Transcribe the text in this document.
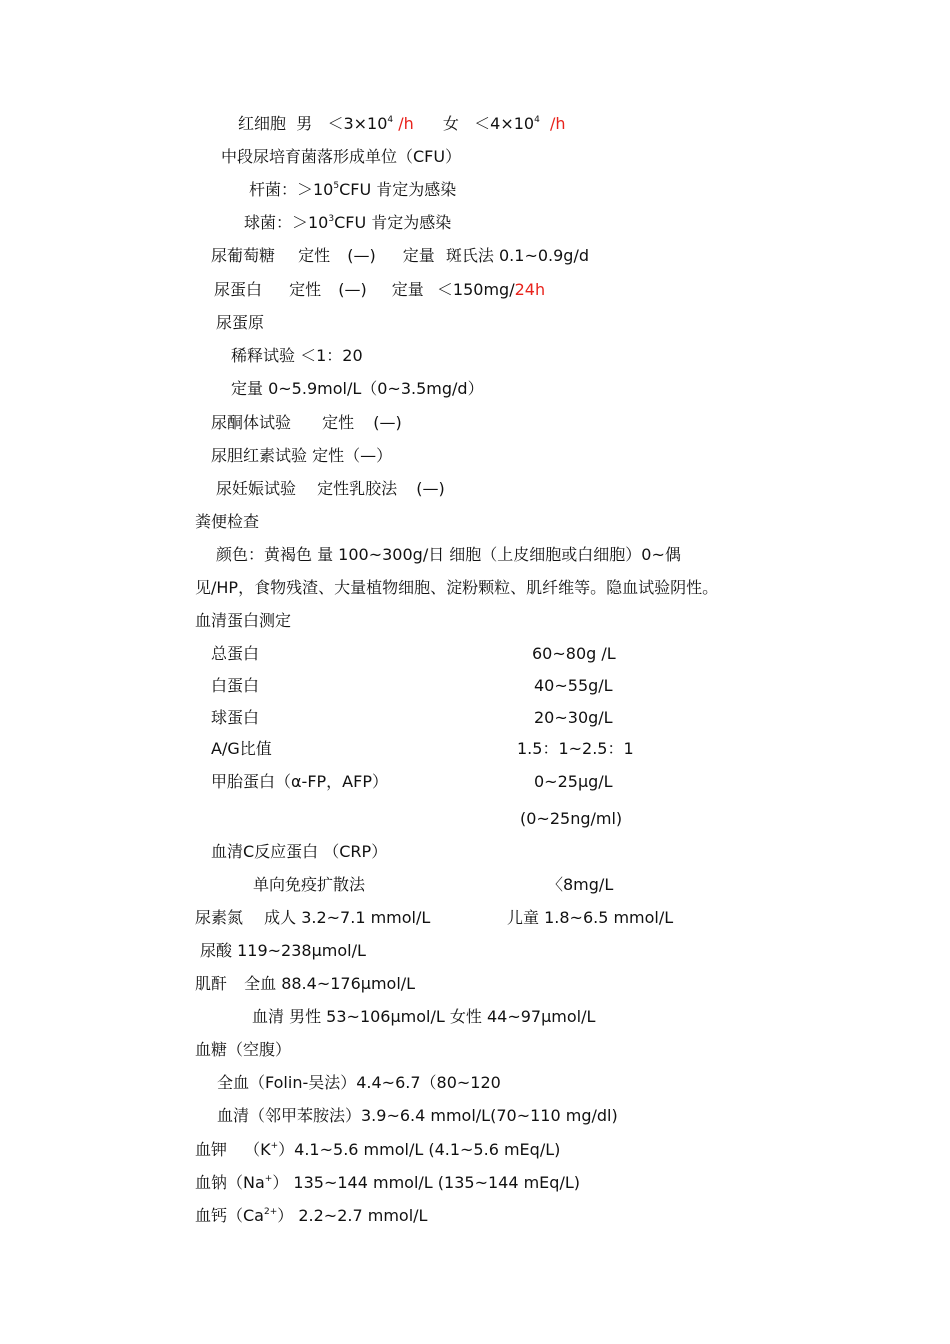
红细胞 男 $<3\times 10^4$ /h 女 $<4\times 10^4$ /h
中段尿培育菌落形成单位（CFU）
杆菌：$>10^5CFU$ 肯定为感染
球菌：$>10^3CFU$ 肯定为感染
尿葡萄糖 定性 (—) 定量 斑氏法 0.1~0.9g/d
尿蛋白 定性 (—) 定量 ＜150mg/24h
尿蛋原
稀释试验 ＜1：20
定量 0~5.9mol/L（0~3.5mg/d）
尿酮体试验 定性 (—)
尿胆红素试验 定性（—）
尿妊娠试验 定性乳胶法 (—)
粪便检查
颜色：黄褐色 量 100~300g/日 细胞（上皮细胞或白细胞）0~偶
见/HP，食物残渣、大量植物细胞、淀粉颗粒、肌纤维等。隐血试验阴性。
血清蛋白测定
总蛋白	60~80g /L
白蛋白	40~55g/L
球蛋白	20~30g/L
A/G比值	1.5：1~2.5：1
甲胎蛋白（α-FP，AFP）	0~25μg/L
(0~25ng/ml)
血清C反应蛋白 （CRP）
单向免疫扩散法	〈8mg/L
尿素氮 成人 3.2~7.1 mmol/L	儿童 1.8~6.5 mmol/L
尿酸 119~238μmol/L
肌酐 全血 88.4~176μmol/L
血清 男性 53~106μmol/L 女性 44~97μmol/L
血糖（空腹）
全血（Folin-吴法）4.4~6.7（80~120
血清（邻甲苯胺法）3.9~6.4 mmol/L(70~110 mg/dl)
血钾 （K+）4.1~5.6 mmol/L (4.1~5.6 mEq/L)
血钠（Na+） 135~144 mmol/L (135~144 mEq/L)
血钙$(Ca^{2+})$ 2.2~2.7 mmol/L
